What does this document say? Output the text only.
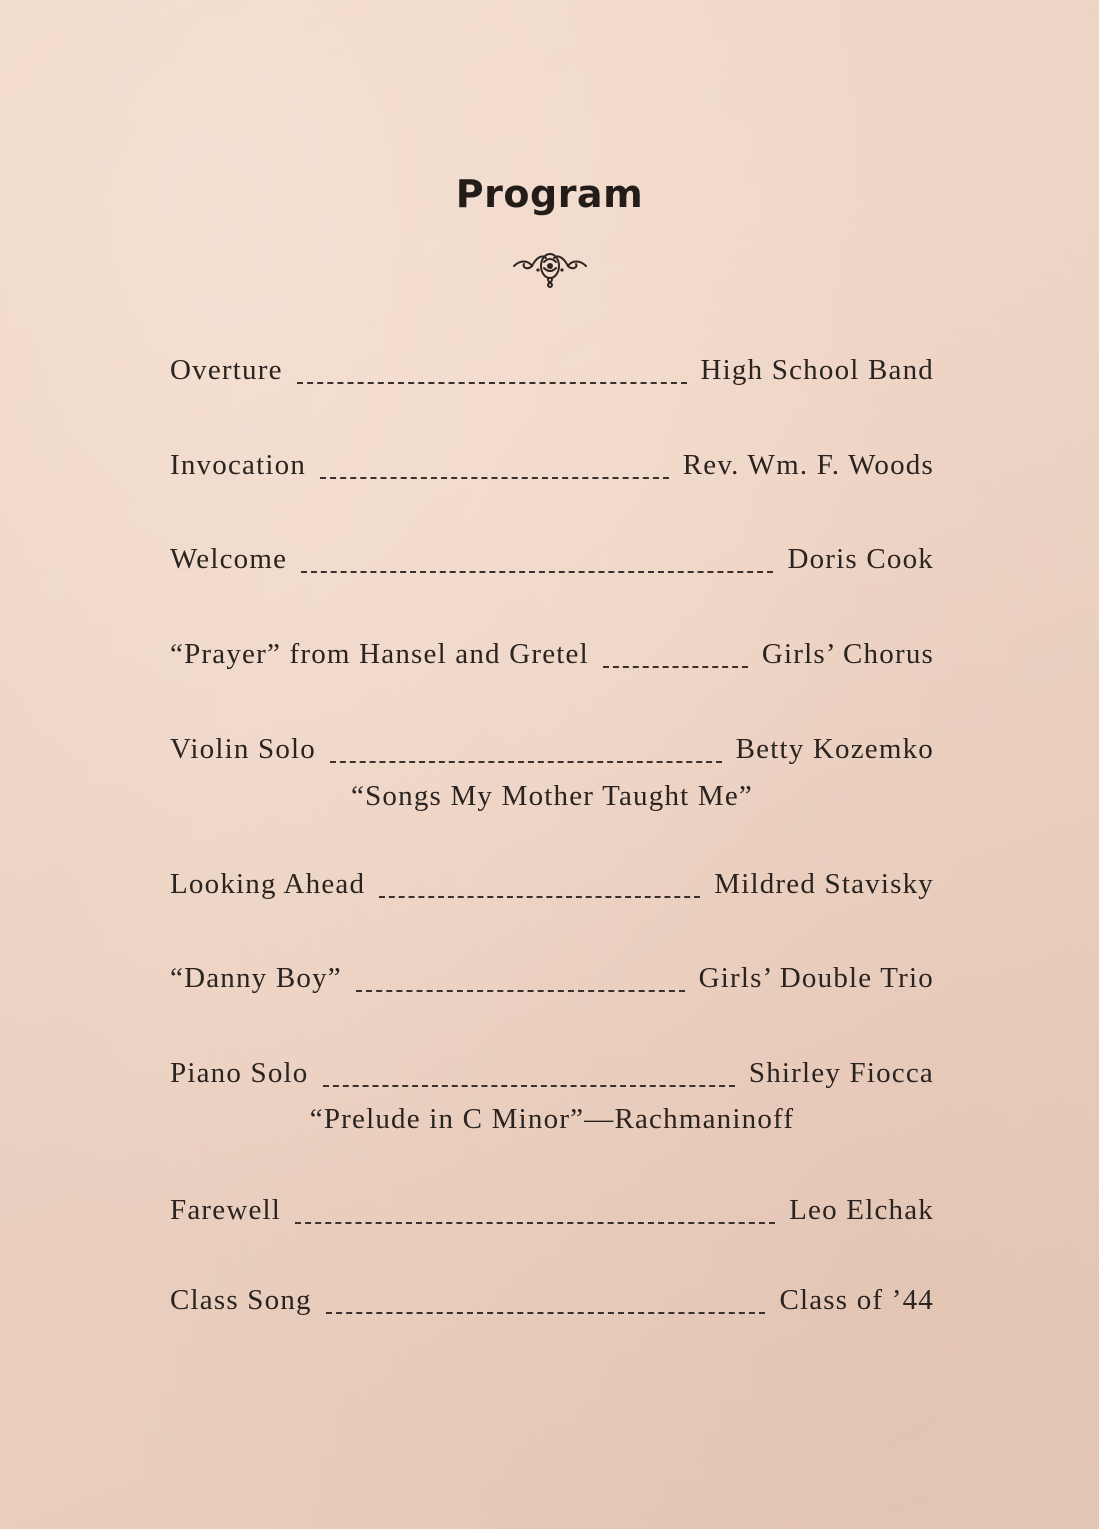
Program
Overture	High School Band
Invocation	Rev. Wm. F. Woods
Welcome	Doris Cook
“Prayer” from Hansel and Gretel	Girls’ Chorus
Violin Solo	Betty Kozemko
“Songs My Mother Taught Me”
Looking Ahead	Mildred Stavisky
“Danny Boy”	Girls’ Double Trio
Piano Solo	Shirley Fiocca
“Prelude in C Minor”—Rachmaninoff
Farewell	Leo Elchak
Class Song	Class of ’44
